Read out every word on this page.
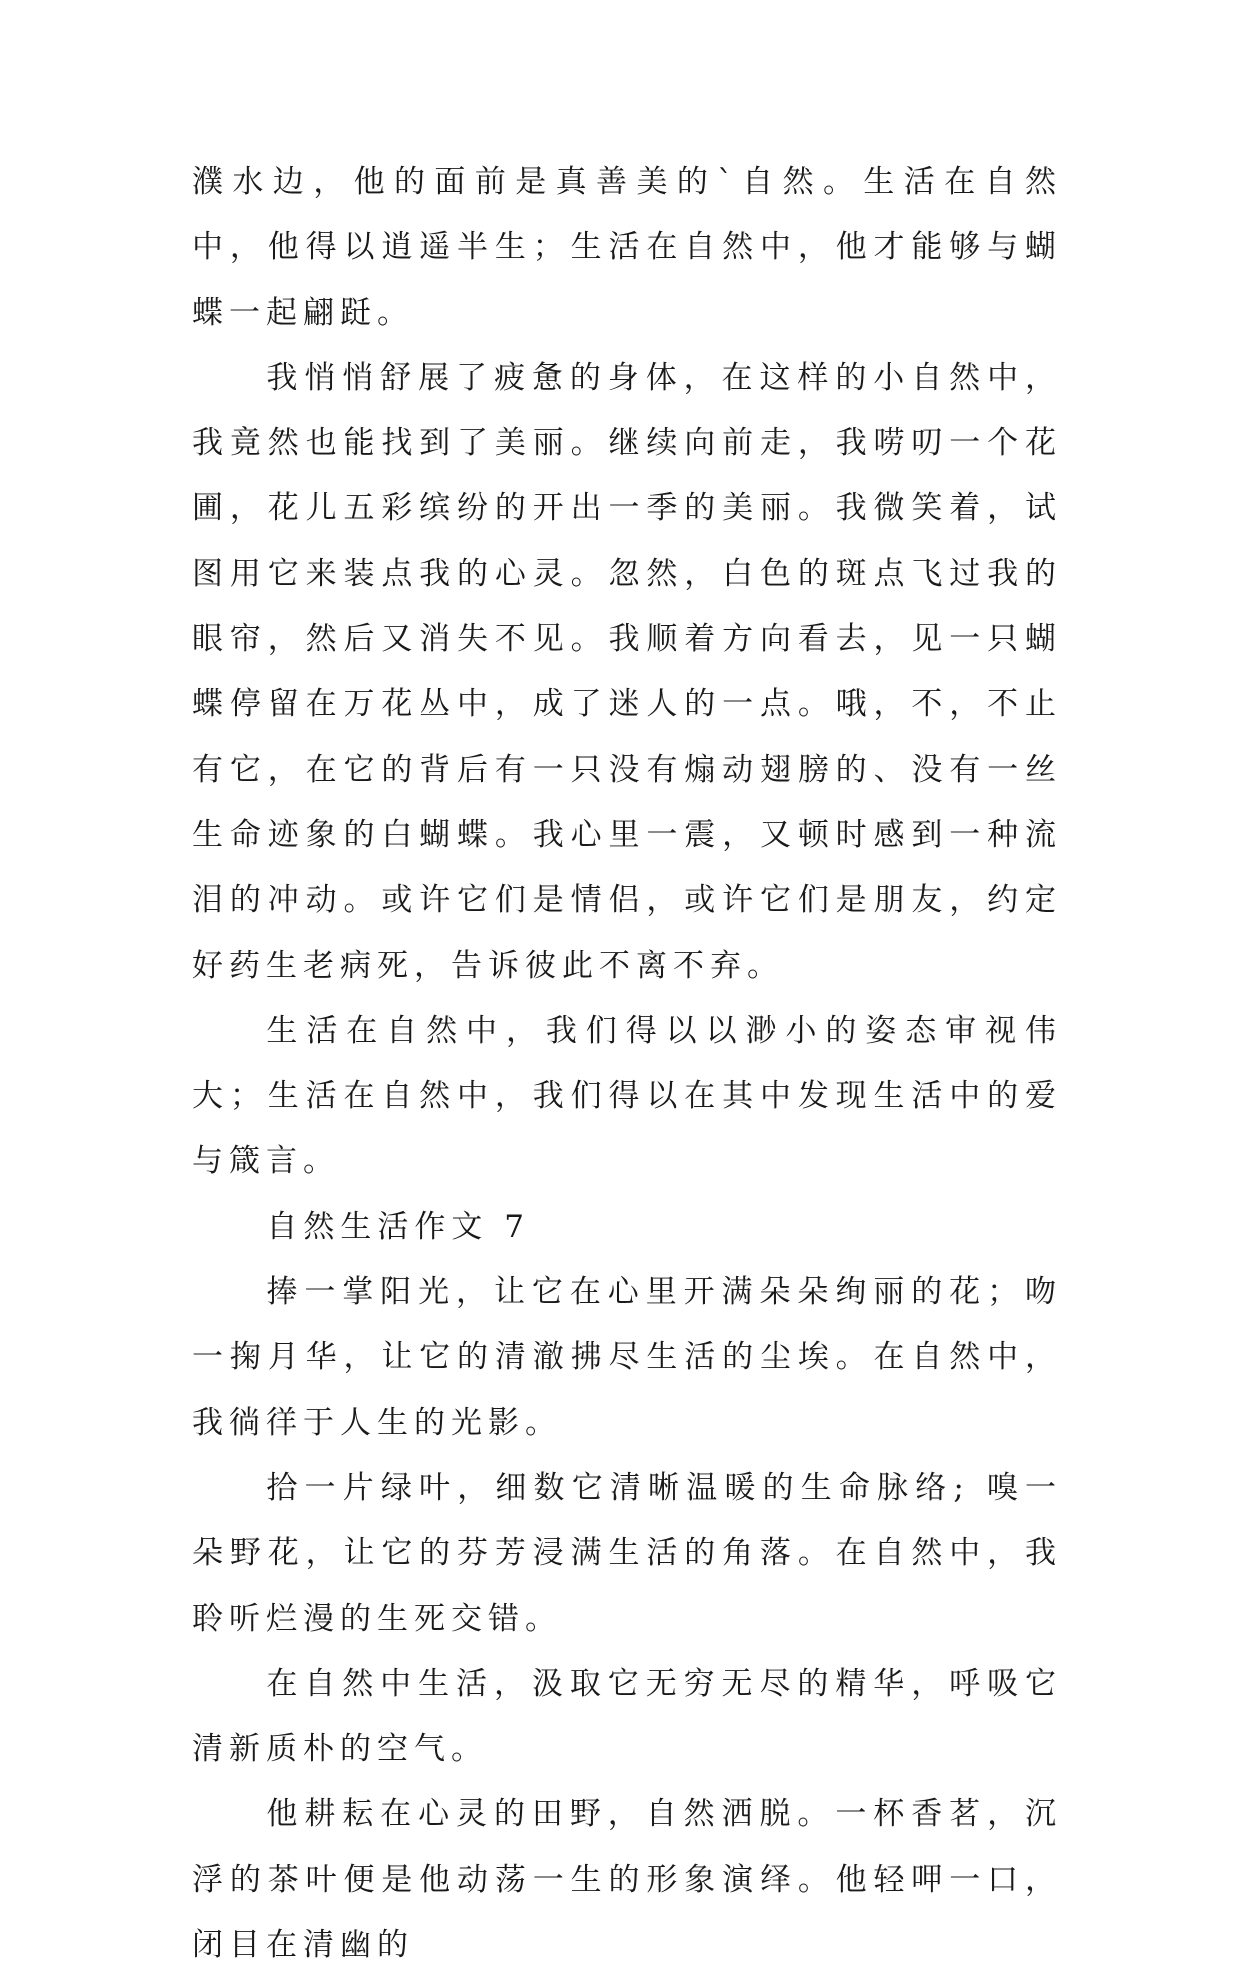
濮水边，他的面前是真善美的`自然。生活在自然中，他得以逍遥半生；生活在自然中，他才能够与蝴蝶一起翩跹。

我悄悄舒展了疲惫的身体，在这样的小自然中，我竟然也能找到了美丽。继续向前走，我唠叨一个花圃，花儿五彩缤纷的开出一季的美丽。我微笑着，试图用它来装点我的心灵。忽然，白色的斑点飞过我的眼帘，然后又消失不见。我顺着方向看去，见一只蝴蝶停留在万花丛中，成了迷人的一点。哦，不，不止有它，在它的背后有一只没有煽动翅膀的、没有一丝生命迹象的白蝴蝶。我心里一震，又顿时感到一种流泪的冲动。或许它们是情侣，或许它们是朋友，约定好药生老病死，告诉彼此不离不弃。

生活在自然中，我们得以以渺小的姿态审视伟大；生活在自然中，我们得以在其中发现生活中的爱与箴言。

自然生活作文 7

捧一掌阳光，让它在心里开满朵朵绚丽的花；吻一掬月华，让它的清澈拂尽生活的尘埃。在自然中，我徜徉于人生的光影。

拾一片绿叶，细数它清晰温暖的生命脉络; 嗅一朵野花，让它的芬芳浸满生活的角落。在自然中，我聆听烂漫的生死交错。

在自然中生活，汲取它无穷无尽的精华，呼吸它清新质朴的空气。

他耕耘在心灵的田野，自然洒脱。一杯香茗，沉浮的茶叶便是他动荡一生的形象演绎。他轻呷一口，闭目在清幽的
